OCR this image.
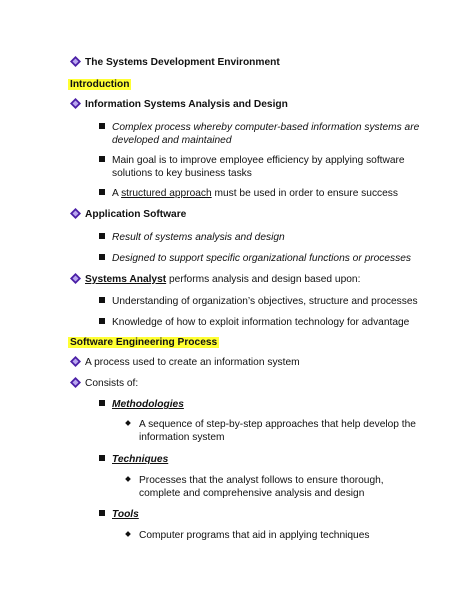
The Systems Development Environment
Introduction
Information Systems Analysis and Design
Complex process whereby computer-based information systems are
developed and maintained
Main goal is to improve employee efficiency by applying software
solutions to key business tasks
A structured approach must be used in order to ensure success
Application Software
Result of systems analysis and design
Designed to support specific organizational functions or processes
Systems Analyst performs analysis and design based upon:
Understanding of organization’s objectives, structure and processes
Knowledge of how to exploit information technology for advantage
Software Engineering Process
A process used to create an information system
Consists of:
Methodologies
A sequence of step-by-step approaches that help develop the
information system
Techniques
Processes that the analyst follows to ensure thorough,
complete and comprehensive analysis and design
Tools
Computer programs that aid in applying techniques
